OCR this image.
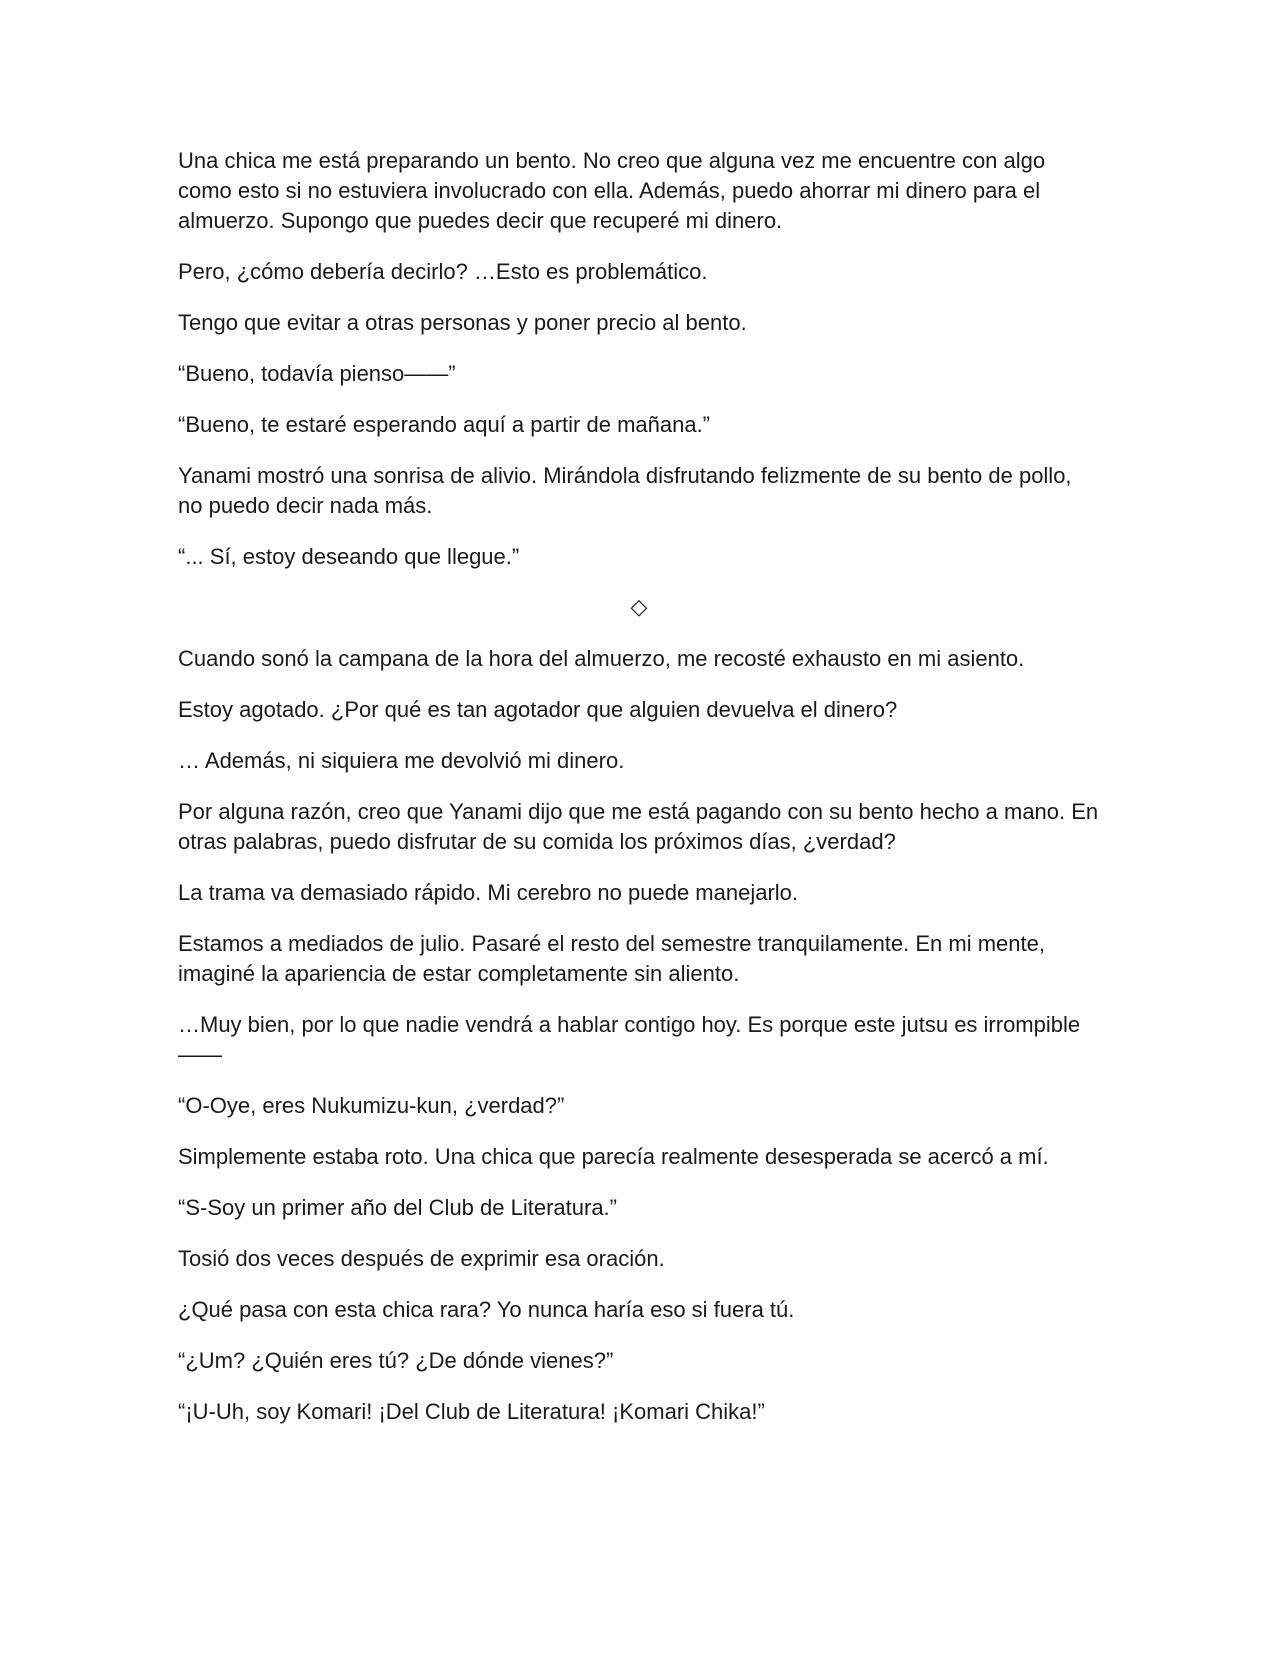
Una chica me está preparando un bento. No creo que alguna vez me encuentre con algo como esto si no estuviera involucrado con ella. Además, puedo ahorrar mi dinero para el almuerzo. Supongo que puedes decir que recuperé mi dinero.

Pero, ¿cómo debería decirlo? …Esto es problemático.

Tengo que evitar a otras personas y poner precio al bento.

“Bueno, todavía pienso——”

“Bueno, te estaré esperando aquí a partir de mañana.”

Yanami mostró una sonrisa de alivio. Mirándola disfrutando felizmente de su bento de pollo, no puedo decir nada más.

“... Sí, estoy deseando que llegue.”

◇

Cuando sonó la campana de la hora del almuerzo, me recosté exhausto en mi asiento.

Estoy agotado. ¿Por qué es tan agotador que alguien devuelva el dinero?

… Además, ni siquiera me devolvió mi dinero.

Por alguna razón, creo que Yanami dijo que me está pagando con su bento hecho a mano. En otras palabras, puedo disfrutar de su comida los próximos días, ¿verdad?

La trama va demasiado rápido. Mi cerebro no puede manejarlo.

Estamos a mediados de julio. Pasaré el resto del semestre tranquilamente. En mi mente, imaginé la apariencia de estar completamente sin aliento.

…Muy bien, por lo que nadie vendrá a hablar contigo hoy. Es porque este jutsu es irrompible——

“O-Oye, eres Nukumizu-kun, ¿verdad?”

Simplemente estaba roto. Una chica que parecía realmente desesperada se acercó a mí.

“S-Soy un primer año del Club de Literatura.”

Tosió dos veces después de exprimir esa oración.

¿Qué pasa con esta chica rara? Yo nunca haría eso si fuera tú.

“¿Um? ¿Quién eres tú? ¿De dónde vienes?”

“¡U-Uh, soy Komari! ¡Del Club de Literatura! ¡Komari Chika!”
